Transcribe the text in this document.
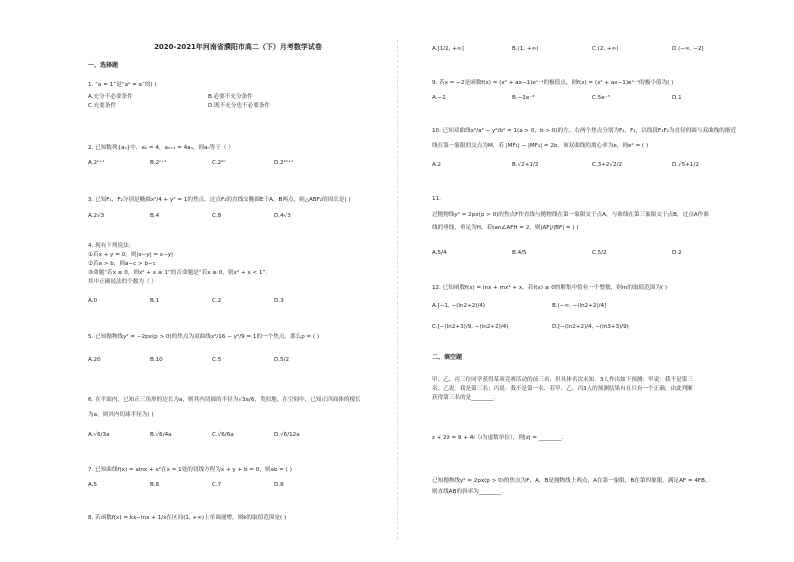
2020-2021年河南省濮阳市高二（下）月考数学试卷
一、选择题
1. “a = 1”是“a² = a”的( )
A.充分不必要条件	B.必要不充分条件
C.充要条件	D.既不充分也不必要条件
2. 已知数列{aₙ}中，a₁ = 4，aₙ₊₁ = 4aₙ，则aₙ等于（ ）
A.2ⁿ⁺¹	B.2ⁿ⁺²	C.2²ⁿ	D.2²ⁿ⁺¹
3. 已知F₁，F₂分别是椭圆x²/4 + y² = 1的焦点，过点F₁的直线交椭圆E于A，B两点，则△ABF₂的周长是( )
A.2√3	B.4	C.8	D.4√3
4. 现有下列说法：
①若x + y = 0，则|x−y| = x−y|
②若a > b，则a−c > b−c
③命题“若x ≥ 0，则x² + x ≥ 1”的否命题是“若x ≥ 0，则x² + x < 1”.
其中正确说法的个数为（ ）
A.0	B.1	C.2	D.3
5. 已知抛物线y² = −2px(p > 0)的焦点为双曲线x²/16 − y²/9 = 1的一个焦点，那么p = ( )
A.20	B.10	C.5	D.5/2
6. 在平面内，已知正三角形的边长为a，则其内切圆的半径为√3a/6，类似地，在空间中，已知正四面体的棱长
为a，则其内切球半径为( )
A.√6/3a	B.√6/4a	C.√6/6a	D.√6/12a
7. 已知曲线f(x) = alnx + x²在x = 1处的切线方程为x + y + b = 0，则ab = ( )
A.5	B.6	C.7	D.8
8. 若函数f(x) = kx−lnx + 1/x在区间(1, +∞)上单调递增，则k的取值范围是( )
A.[1/2, +∞]	B.(1, +∞)	C.(2, +∞)	D.(−∞, −2]
9. 若x = −2是函数f(x) = (x² + ax−1)eˣ⁻¹的极值点，则f(x) = (x² + ax−1)eˣ⁻¹的极小值为( )
A.−1	B.−2e⁻³	C.5e⁻³	D.1
10. 已知双曲线x²/a² − y²/b² = 1(a > 0，b > 0)的左、右两个焦点分别为F₁，F₂，以线段F₁F₂为直径的圆与双曲线的渐近
线在第一象限的交点为M，若 |MF₁| − |MF₂| = 2b，该双曲线的离心率为e，则e² = ( )
A.2	B.√2+1/2	C.3+2√2/2	D.√5+1/2
11.
过抛物线y² = 2px(p > 0)的焦点F作直线与抛物线在第一象限交于点A，与准线在第三象限交于点B，过点A作准
线的垂线，垂足为H，若tan∠AFH = 2，则|AF|/|BF| = ( )
A.5/4	B.4/5	C.5/2	D.2
12. 已知函数f(x) = lnx + mx² + x，若f(x) ≥ 0的解集中恰有一个整数，则m的取值范围为( )
A.[−1, −(ln2+2)/4)	B.(−∞, −(ln2+2)/4]
C.[−(ln2+3)/9, −(ln2+2)/4)	D.[−(ln2+2)/4, −(ln3+3)/9)
二、填空题
甲、乙、丙三位同学获得某项竞赛活动的前三名，但具体名次未知．3人作出如下预测：甲说：我不是第三
名；乙说：我是第三名；丙说：我不是第一名．若甲、乙、丙3人的预测结果有且只有一个正确，由此判断
获得第三名的是________．
z + 2z̄ = 9 + 4i（i为虚数单位），则|z| = ________．
已知抛物线y² = 2px(p > 0)的焦点为F，A，B是抛物线上两点，A在第一象限，B在第四象限，满足AF = 4FB，
则直线AB的斜率为________．
